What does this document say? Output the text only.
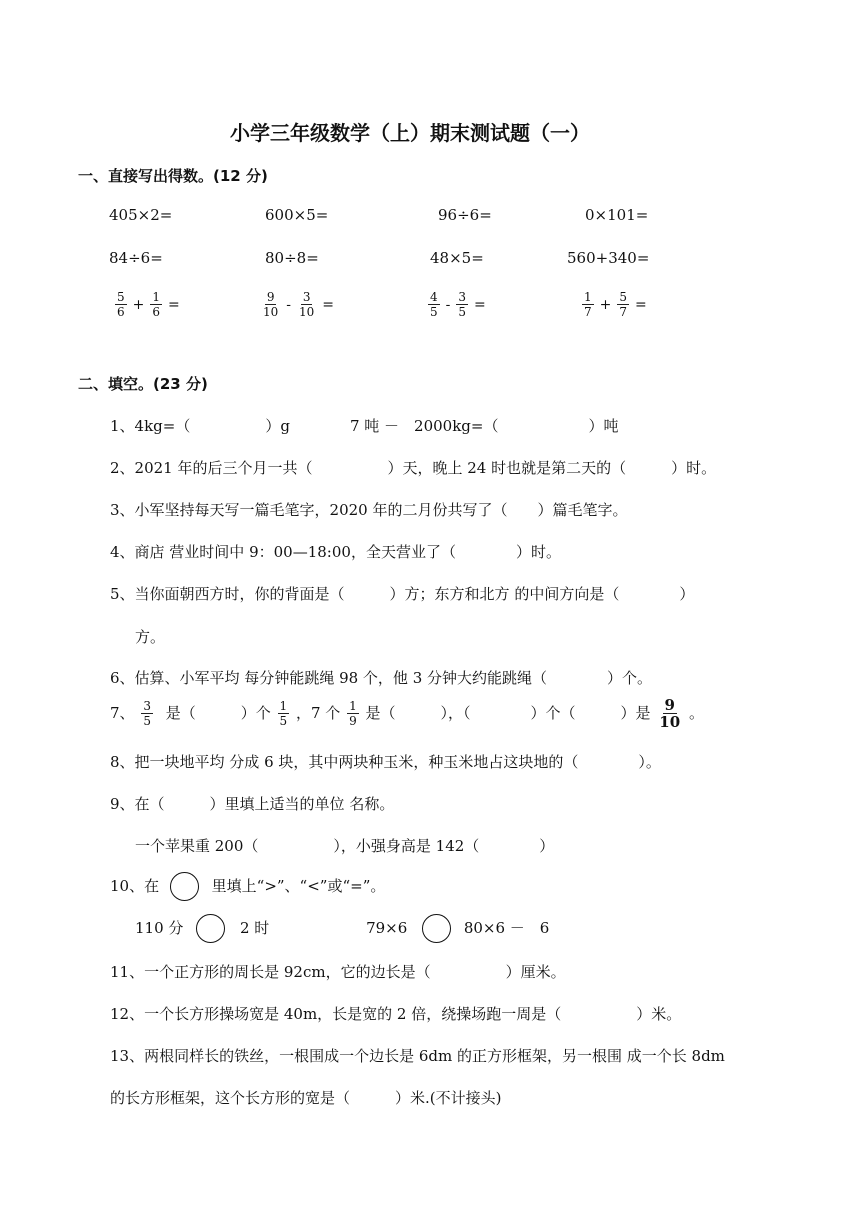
小学三年级数学（上）期末测试题（一）
一、直接写出得数。(12 分)
405×2=	600×5=	96÷6=	0×101=
84÷6=	80÷8=	48×5=	560+340=
$\frac{5}{6} + \frac{1}{6}$ =	$\frac{9}{10} - \frac{3}{10}$ =	$\frac{4}{5} - \frac{3}{5}$ =	$\frac{1}{7} + \frac{5}{7}$ =
二、填空。(23 分)
1、4kg=（　　　　　）g　　　　7 吨 －　2000kg=（　　　　　　）吨
2、2021 年的后三个月一共（　　　　　）天，晚上 24 时也就是第二天的（　　　）时。
3、小军坚持每天写一篇毛笔字，2020 年的二月份共写了（　　）篇毛笔字。
4、商店 营业时间中 9：00—18:00，全天营业了（　　　　）时。
5、当你面朝西方时，你的背面是（　　　）方；东方和北方 的中间方向是（　　　　）
方。
6、估算、小军平均 每分钟能跳绳 98 个，他 3 分钟大约能跳绳（　　　　）个。
7、 $\frac{3}{5}$ 是（　　　）个 $\frac{1}{5}$ ，7 个 $\frac{1}{9}$ 是（　　　），（　　　　）个（　　　）是 $\frac{9}{10}$ 。
8、把一块地平均 分成 6 块，其中两块种玉米，种玉米地占这块地的（　　　　）。
9、在（　　　）里填上适当的单位 名称。
一个苹果重 200（　　　　　），小强身高是 142（　　　　）
10、在	里填上“>”、“<”或“=”。
110 分	2 时	79×6	80×6 －　6
11、一个正方形的周长是 92cm，它的边长是（　　　　　）厘米。
12、一个长方形操场宽是 40m，长是宽的 2 倍，绕操场跑一周是（　　　　　）米。
13、两根同样长的铁丝，一根围成一个边长是 6dm 的正方形框架，另一根围 成一个长 8dm
的长方形框架，这个长方形的宽是（　　　）米.(不计接头)
